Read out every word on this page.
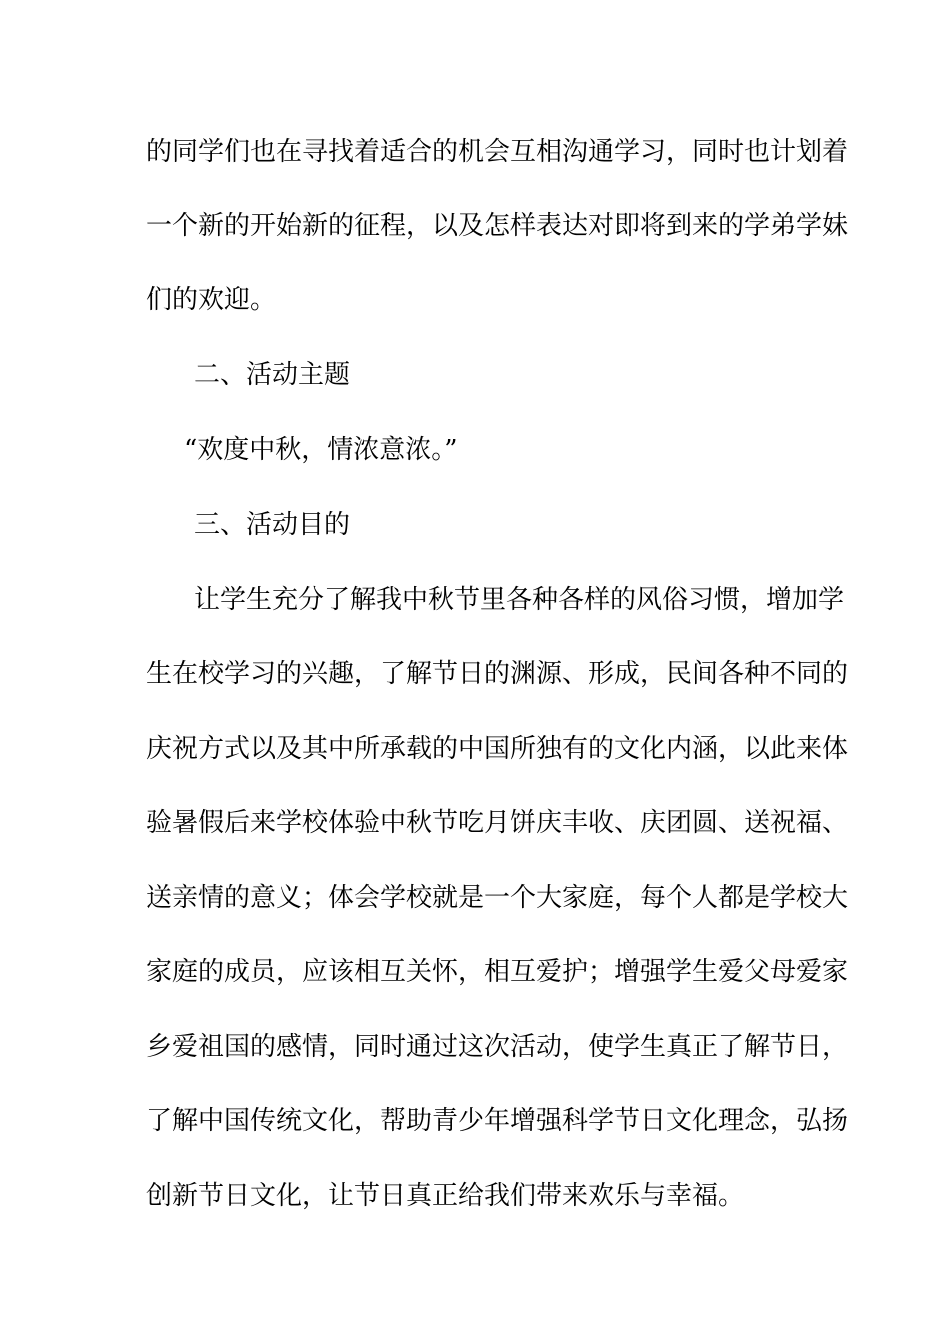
的同学们也在寻找着适合的机会互相沟通学习，同时也计划着
一个新的开始新的征程，以及怎样表达对即将到来的学弟学妹
们的欢迎。
二、活动主题
“欢度中秋，情浓意浓。”
三、活动目的
让学生充分了解我中秋节里各种各样的风俗习惯，增加学
生在校学习的兴趣，了解节日的渊源、形成，民间各种不同的
庆祝方式以及其中所承载的中国所独有的文化内涵，以此来体
验暑假后来学校体验中秋节吃月饼庆丰收、庆团圆、送祝福、
送亲情的意义；体会学校就是一个大家庭，每个人都是学校大
家庭的成员，应该相互关怀，相互爱护；增强学生爱父母爱家
乡爱祖国的感情，同时通过这次活动，使学生真正了解节日，
了解中国传统文化，帮助青少年增强科学节日文化理念，弘扬
创新节日文化，让节日真正给我们带来欢乐与幸福。
